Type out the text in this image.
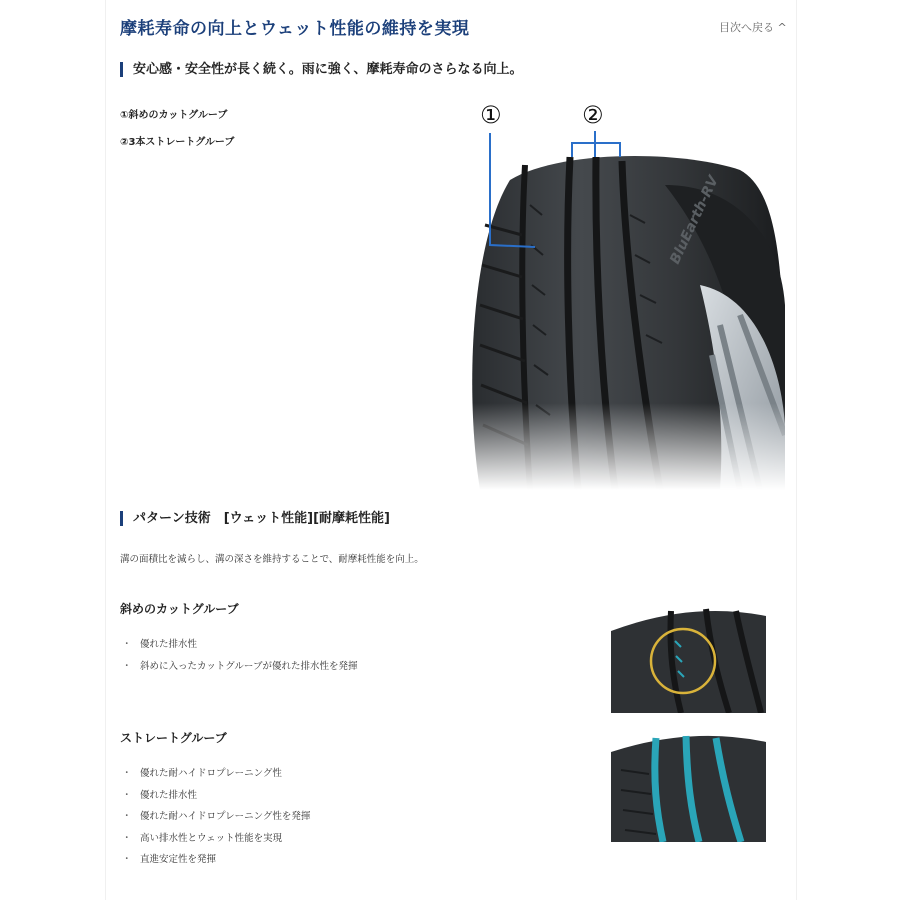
摩耗寿命の向上とウェット性能の維持を実現	目次へ戻る ^
安心感・安全性が長く続く。雨に強く、摩耗寿命のさらなる向上。
①斜めのカットグルーブ
②3本ストレートグルーブ
①	②
パターン技術　[ウェット性能][耐摩耗性能]
溝の面積比を減らし、溝の深さを維持することで、耐摩耗性能を向上。
斜めのカットグルーブ
・ 優れた排水性
・ 斜めに入ったカットグルーブが優れた排水性を発揮
ストレートグルーブ
・ 優れた耐ハイドロプレーニング性
・ 優れた排水性
・ 優れた耐ハイドロプレーニング性を発揮
・ 高い排水性とウェット性能を実現
・ 直進安定性を発揮
